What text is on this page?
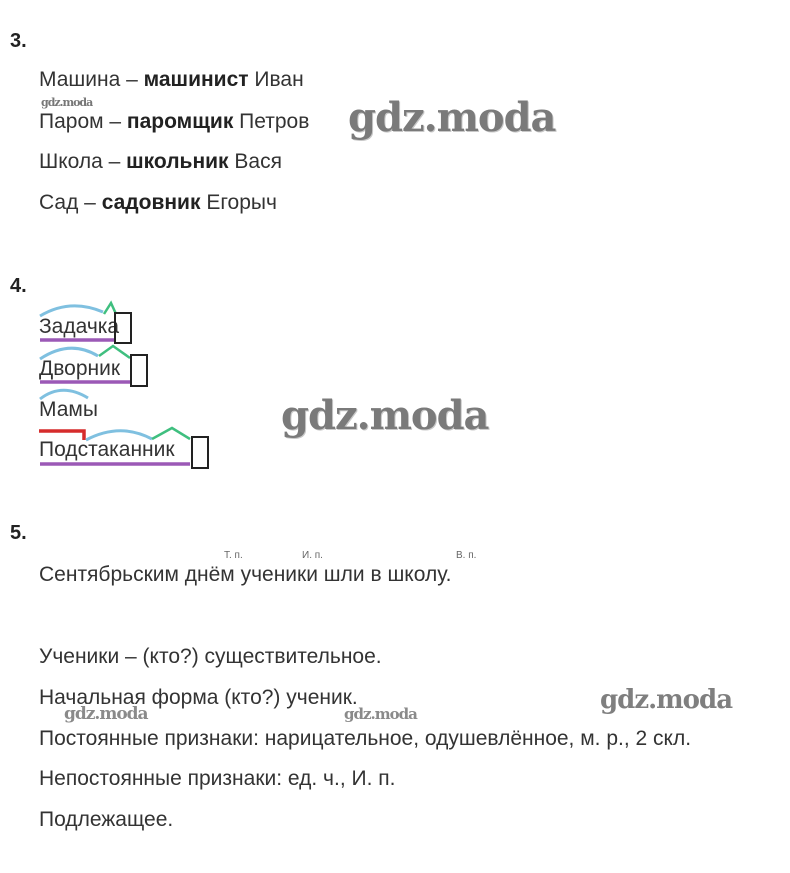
3.
Машина – машинист Иван
Паром – паромщик Петров
Школа – школьник Вася
Сад – садовник Егорыч
4.
Задачка
Дворник
Мамы
Подстаканник
5.
Т. п.	И. п.	В. п.
Сентябрьским днём ученики шли в школу.
Ученики – (кто?) существительное.
Начальная форма (кто?) ученик.
Постоянные признаки: нарицательное, одушевлённое, м. р., 2 скл.
Непостоянные признаки: ед. ч., И. п.
Подлежащее.
gdz.moda	gdz.moda
gdz.moda
gdz.moda
gdz.moda	gdz.moda
